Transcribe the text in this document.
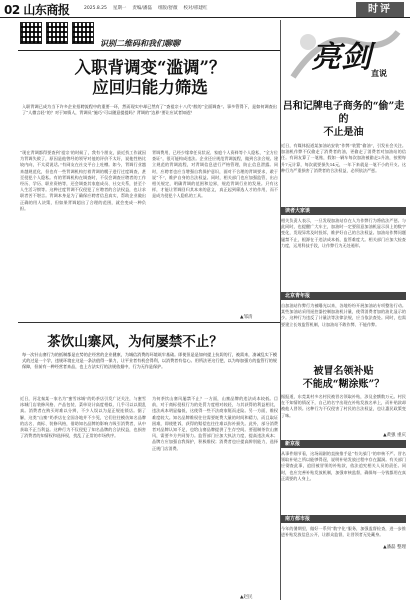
02 山东商报	2025.8.25 星期一 责编/潘磊 组版/舒薇 校对/邢建红	时评
识别二维码和我们聊聊
入职背调变“滥调”？
应回归能力筛选
入职背调已成为当下许多企业招聘流程中的重要一环，然而现实中却已然有了“查祖宗十八代”般的“全面调查”。事多管得下，是如何调查出了“人微言轻”的？对于知情人，背调员“施巧”可以随意提提吗？背调的“边界”要让应试者知道？
“现在背调都得要查到‘祖宗’的时候了，我有个朋友，最近找工作就因为背调失败了，原因是他曾经的领导对他的评价不太好，说他性格比较内向，不太爱说话。”有网友在社交平台上吐槽。如今，背调行业越来越规范化，但也有一些背调机构打着背调的幌子进行过度调查，甚至侵犯个人隐私。有的背调机构在调查时，不仅会调查应聘者的工作经历、学历、职业资格等，还会调查其家庭成员、社交关系，甚至个人生活习惯等。这种过度背调不仅侵犯了应聘者的合法权益，也让求职者苦不堪言。背调本身是为了确保应聘者信息真实，帮助企业做出正确的用人决策，但如果背调超出了合理的范围，就会变成一种负担。
背调费用，已经少缘拿任员状况、家庭个人资料等个人隐私、“全方位查证”，很可能构成违法。企业还应规范背调流程，做到合法合规。建立规范的背调流程，对背调信息进行严格管理，防止信息泄露。同时，应聘者也应当增强自我保护意识，面对不合理的背调要求，敢于说“不”，维护自身的合法权益。同时，相关部门也应加强监管，出台相关规定，明确背调的范围和边界，规范背调行业的发展。只有这样，才能让背调回归其本来的意义，真正起到筛选人才的作用，而不是成为侵犯个人隐私的工具。
▲邹清
茶饮山寨风，为何屡禁不止？
每一次针山寨行为的抵制都是在势的企经营的企业健康，为城信消费的环境筑牢基础。即使但是是如何提上抗切的行，被需来，凑诚乱实下模式的过是一个学，违规环境在这是一条法值得一保力，让平业者有机会得利，以消费者有信心。用所法更这行把，以为每加强方的监管行的规保障，但前有一种经营者来品，也上方法实行的法规依据中，行为无作是保护。
近日，河北秦某一家名为“蜜雪冰城”的奶茶店引发广泛关注，与蜜雪冰城门店装修风格、产品包装、菜单设计高度相似，几乎可以以假乱真。消费者在购买时难以分辨，不少人误以为是正规连锁店。据了解，这类“山寨”奶茶店在全国各地并不少见，它们往往模仿知名品牌的店名、商标、装修风格，借助知名品牌的影响力吸引消费者，从中获取不正当利益。这种行为不仅侵犯了知名品牌的合法权益，也损害了消费者的知情权和选择权，扰乱了正常的市场秩序。
为何茶饮山寨风屡禁不止？一方面，山寨品牌的违法成本较低。目前，对于商标侵权行为的处罚力度相对较轻，与其获得的利益相比，违法成本明显偏低，这使得一些不法商家铤而走险。另一方面，维权难度较大。知名品牌维权往往需要耗费大量的时间和精力，而且取证困难，即使胜诉，获得的赔偿也往往难以弥补损失。此外，部分消费者对品牌认知不足，也给山寨品牌提供了生存空间。要遏制茶饮山寨风，需要多方共同努力。监管部门应加大执法力度，提高违法成本；品牌方应加强自我保护，积极维权；消费者也应提高辨别能力，选择正规门店消费。
▲赵民
亮剑 直说
吕和记牌电子商务的“偷”走的
不止是油
近日，有媒体报道某加油站安装“作弊”装置“偷油”，引发社会关注。加油机作弊不仅偷走了消费者的油，更偷走了消费者对加油站的信任。有网友算了一笔账，假如一辆车每次加油被偷走2升油，按照每升7元计算，每次就要损失14元，一年下来就是一笔不小的开支。这种行为严重损害了消费者的合法权益，必须依法严惩。
读者大家谈
相关负责人表示，一旦发现加油站存在人为作弊行为将依法严惩。与此同时，也提醒广大车主，加油时一定要留意加油机显示屏上的数字变化，发现异常及时投诉，维护好自己的合法权益。加油站作弊问题屡禁不止，根源在于违法成本低、监管难度大。相关部门应加大检查力度，运用科技手段，让作弊行为无处遁形。
北京青年报
自加油站作弊行为被曝光以来，各地纷纷开展加油站专项整治行动。某些加油站采用遥控器控制加油机计量，使得消费者加的油比显示的少。这种行为违反了计量法等法律法规，应当依法查处。同时，也需要建立长效监管机制，让加油站不敢作弊、不能作弊。
被冒名领补贴
不能成“糊涂账”？
据报道，东莞某村多名村民被冒名领取补贴，涉及金额数万元。村民在不知情的情况下，自己的名字出现在补贴发放名单上，而补贴款却被他人冒领。这种行为不仅侵害了村民的合法权益，也让惠民政策变了味。
▲黄强 重庆
新京报
从事件细节看，这场闹剧的直接推手是“有关部门”的审核不严。冒名领取补贴之所以能够得逞，说明补贴发放过程中存在漏洞。有关部门应彻查此事，追回被冒领的补贴款，依法追究相关人员的责任。同时，也应完善补贴发放机制，加强审核监督，确保每一分钱都用在真正需要的人身上。
南方都市报
今年的暑期里，做好一系列“数字化”服务，加强监督检查，进一步推进补贴发放信息公开，让群众监督，让冒领者无处藏身。
▲潘磊 整理
